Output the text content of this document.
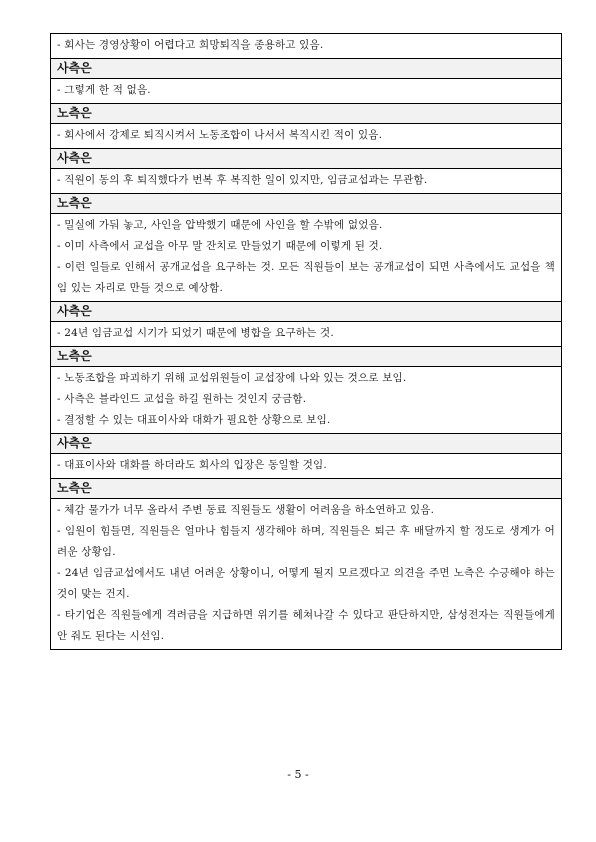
- 회사는 경영상황이 어렵다고 희망퇴직을 종용하고 있음.

사측은

- 그렇게 한 적 없음.

노측은

- 회사에서 강제로 퇴직시켜서 노동조합이 나서서 복직시킨 적이 있음.

사측은

- 직원이 동의 후 퇴직했다가 번복 후 복직한 일이 있지만, 임금교섭과는 무관함.

노측은

- 밀실에 가둬 놓고, 사인을 압박했기 때문에 사인을 할 수밖에 없었음.

- 이미 사측에서 교섭을 아무 말 잔치로 만들었기 때문에 이렇게 된 것.

- 이런 일들로 인해서 공개교섭을 요구하는 것. 모든 직원들이 보는 공개교섭이 되면 사측에서도 교섭을 책임 있는 자리로 만들 것으로 예상함.

사측은

- 24년 임금교섭 시기가 되었기 때문에 병합을 요구하는 것.

노측은

- 노동조합을 파괴하기 위해 교섭위원들이 교섭장에 나와 있는 것으로 보임.

- 사측은 블라인드 교섭을 하길 원하는 것인지 궁금함.

- 결정할 수 있는 대표이사와 대화가 필요한 상황으로 보임.

사측은

- 대표이사와 대화를 하더라도 회사의 입장은 동일할 것임.

노측은

- 체감 물가가 너무 올라서 주변 동료 직원들도 생활이 어려움을 하소연하고 있음.

- 임원이 힘들면, 직원들은 얼마나 힘들지 생각해야 하며, 직원들은 퇴근 후 배달까지 할 정도로 생계가 어려운 상황임.

- 24년 임금교섭에서도 내년 어려운 상황이니, 어떻게 될지 모르겠다고 의견을 주면 노측은 수긍해야 하는 것이 맞는 건지.

- 타기업은 직원들에게 격려금을 지급하면 위기를 헤쳐나갈 수 있다고 판단하지만, 삼성전자는 직원들에게 안 줘도 된다는 시선임.

- 5 -
